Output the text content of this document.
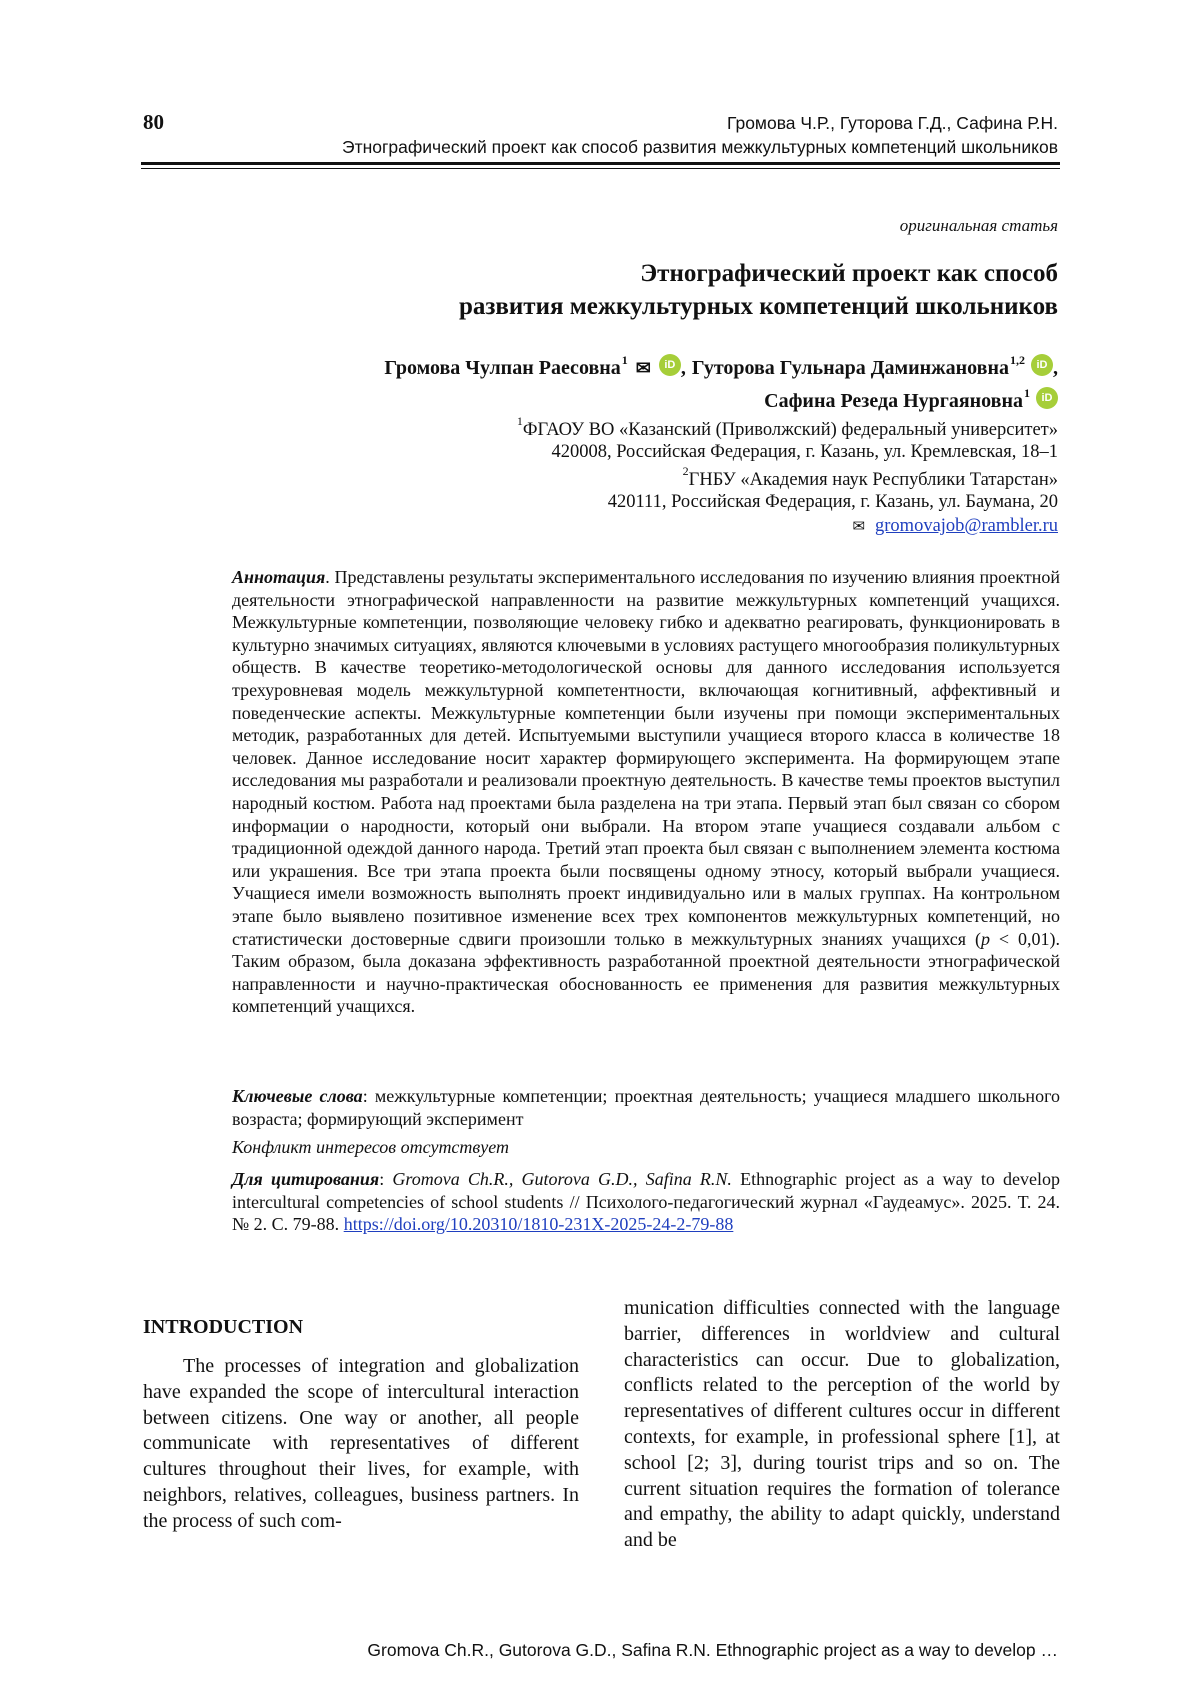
80	Громова Ч.Р., Гуторова Г.Д., Сафина Р.Н.
Этнографический проект как способ развития межкультурных компетенций школьников
оригинальная статья
Этнографический проект как способ
развития межкультурных компетенций школьников
Громова Чулпан Раесовна$^1$ ✉	iD , Гуторова Гульнара Даминжановна$^{1,2}$	iD ,
Сафина Резеда Нургаяновна$^1$	iD
$^1$ФГАОУ ВО «Казанский (Приволжский) федеральный университет»
420008, Российская Федерация, г. Казань, ул. Кремлевская, 18–1
$^2$ГНБУ «Академия наук Республики Татарстан»
420111, Российская Федерация, г. Казань, ул. Баумана, 20
✉ gromovajob@rambler.ru
Аннотация. Представлены результаты экспериментального исследования по изучению влияния проектной деятельности этнографической направленности на развитие межкультурных компетенций учащихся. Межкультурные компетенции, позволяющие человеку гибко и адекватно реагировать, функционировать в культурно значимых ситуациях, являются ключевыми в условиях растущего многообразия поликультурных обществ. В качестве теоретико-методологической основы для данного исследования используется трехуровневая модель межкультурной компетентности, включающая когнитивный, аффективный и поведенческие аспекты. Межкультурные компетенции были изучены при помощи экспериментальных методик, разработанных для детей. Испытуемыми выступили учащиеся второго класса в количестве 18 человек. Данное исследование носит характер формирующего эксперимента. На формирующем этапе исследования мы разработали и реализовали проектную деятельность. В качестве темы проектов выступил народный костюм. Работа над проектами была разделена на три этапа. Первый этап был связан со сбором информации о народности, который они выбрали. На втором этапе учащиеся создавали альбом с традиционной одеждой данного народа. Третий этап проекта был связан с выполнением элемента костюма или украшения. Все три этапа проекта были посвящены одному этносу, который выбрали учащиеся. Учащиеся имели возможность выполнять проект индивидуально или в малых группах. На контрольном этапе было выявлено позитивное изменение всех трех компонентов межкультурных компетенций, но статистически достоверные сдвиги произошли только в межкультурных знаниях учащихся (p < 0,01). Таким образом, была доказана эффективность разработанной проектной деятельности этнографической направленности и научно-практическая обоснованность ее применения для развития межкультурных компетенций учащихся.
Ключевые слова: межкультурные компетенции; проектная деятельность; учащиеся младшего школьного возраста; формирующий эксперимент
Конфликт интересов отсутствует
Для цитирования: Gromova Ch.R., Gutorova G.D., Safina R.N. Ethnographic project as a way to develop intercultural competencies of school students // Психолого-педагогический журнал «Гаудеамус». 2025. Т. 24. № 2. С. 79-88. https://doi.org/10.20310/1810-231X-2025-24-2-79-88
INTRODUCTION
The processes of integration and globalization have expanded the scope of intercultural interaction between citizens. One way or another, all people communicate with representatives of different cultures throughout their lives, for example, with neighbors, relatives, colleagues, business partners. In the process of such com-
munication difficulties connected with the language barrier, differences in worldview and cultural characteristics can occur. Due to globalization, conflicts related to the perception of the world by representatives of different cultures occur in different contexts, for example, in professional sphere [1], at school [2; 3], during tourist trips and so on. The current situation requires the formation of tolerance and empathy, the ability to adapt quickly, understand and be
Gromova Ch.R., Gutorova G.D., Safina R.N. Ethnographic project as a way to develop …
